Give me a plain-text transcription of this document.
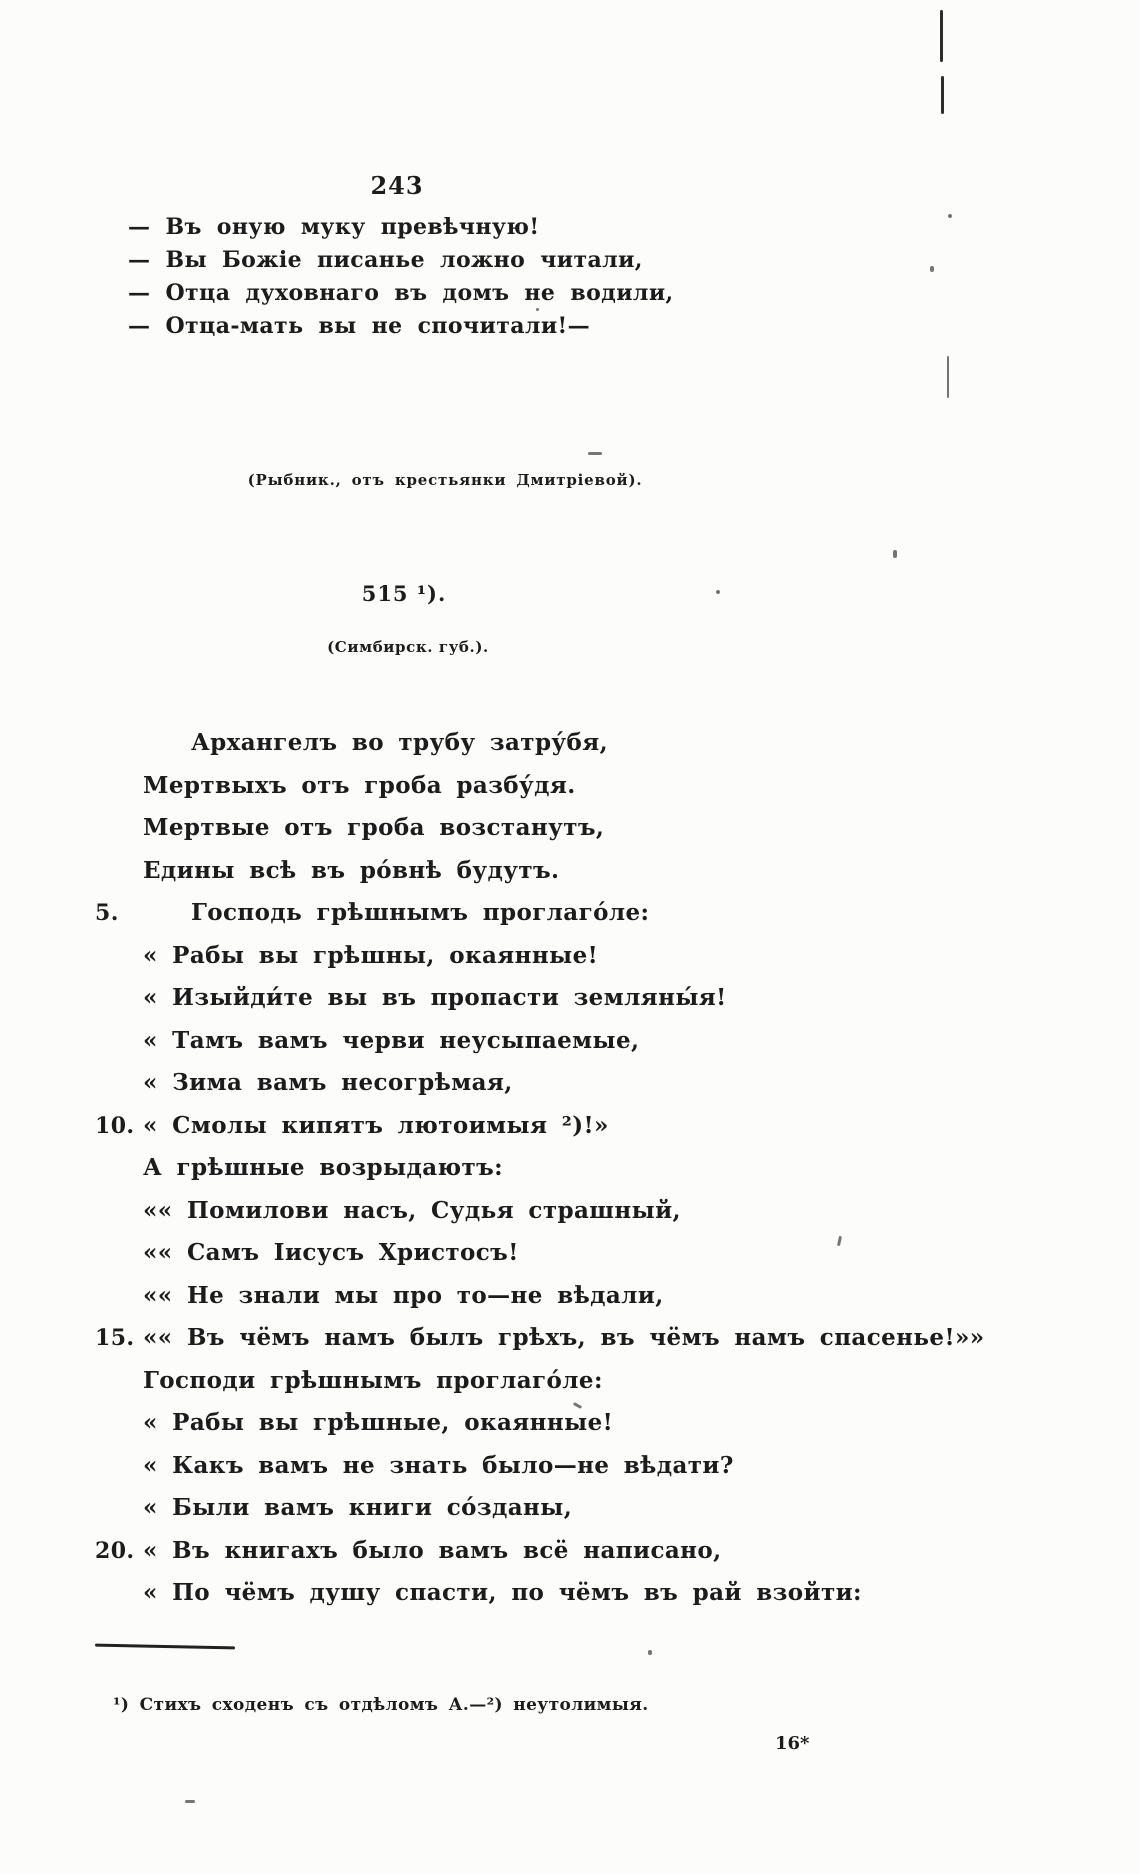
243
— Въ оную муку превѣчную!
— Вы Божіе писанье ложно читали,
— Отца духовнаго въ домъ не водили,
— Отца-мать вы не спочитали!—
(Рыбник., отъ крестьянки Дмитріевой).
515 ¹).
(Симбирск. губ.).
Архангелъ во трубу затру́бя,
Мертвыхъ отъ гроба разбу́дя.
Мертвые отъ гроба возстанутъ,
Едины всѣ въ ро́внѣ будутъ.
5.	Господь грѣшнымъ проглаго́ле:
« Рабы вы грѣшны, окаянные!
« Изыйди́те вы въ пропасти земляны́я!
« Тамъ вамъ черви неусыпаемые,
« Зима вамъ несогрѣмая,
10. « Смолы кипятъ лютоимыя ²)!»
А грѣшные возрыдаютъ:
«« Помилови насъ, Судья страшный,
«« Самъ Іисусъ Христосъ!
«« Не знали мы про то—не вѣдали,
15. «« Въ чёмъ намъ былъ грѣхъ, въ чёмъ намъ спасенье!»»
Господи грѣшнымъ проглаго́ле:
« Рабы вы грѣшные, окаянные!
« Какъ вамъ не знать было—не вѣдати?
« Были вамъ книги со́зданы,
20. « Въ книгахъ было вамъ всё написано,
« По чёмъ душу спасти, по чёмъ въ рай взойти:
¹) Стихъ сходенъ съ отдѣломъ А.—²) неутолимыя.
16*
